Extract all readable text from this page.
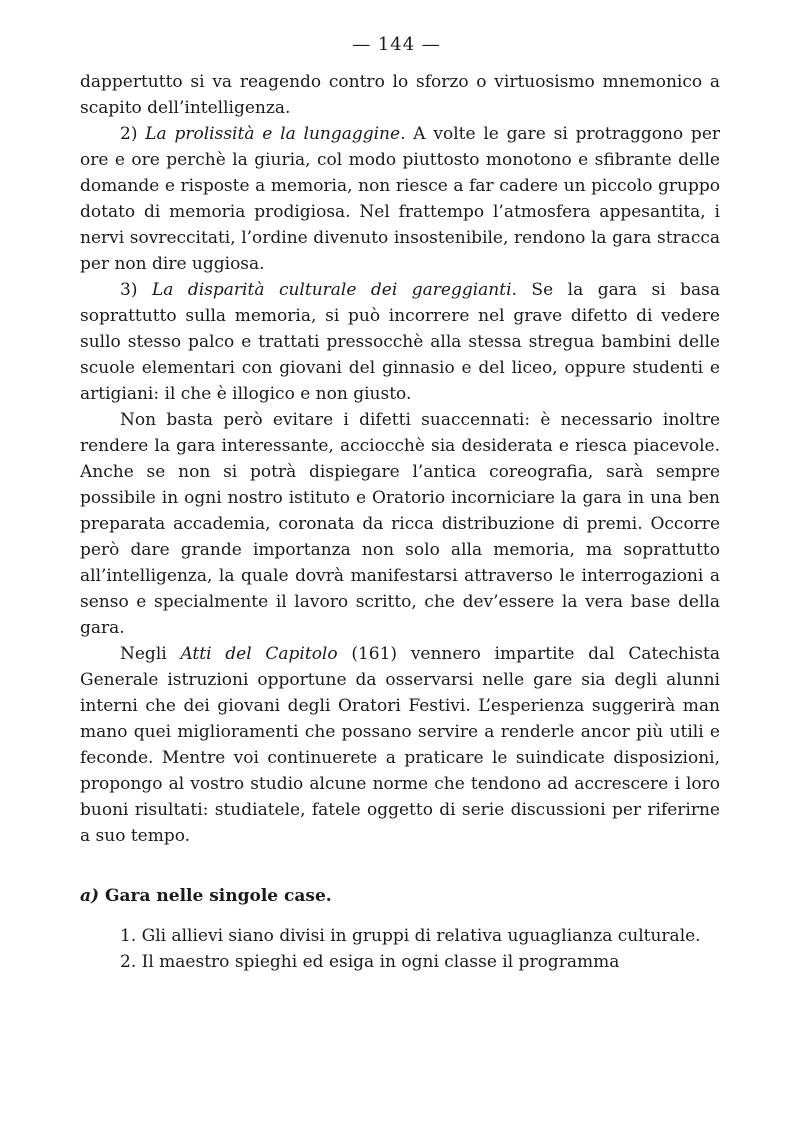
— 144 —

dappertutto si va reagendo contro lo sforzo o virtuosismo mnemonico a scapito dell’intelligenza.

2) La prolissità e la lungaggine. A volte le gare si protraggono per ore e ore perchè la giuria, col modo piuttosto monotono e sfibrante delle domande e risposte a memoria, non riesce a far cadere un piccolo gruppo dotato di memoria prodigiosa. Nel frattempo l’atmosfera appesantita, i nervi sovreccitati, l’ordine divenuto insostenibile, rendono la gara stracca per non dire uggiosa.

3) La disparità culturale dei gareggianti. Se la gara si basa soprattutto sulla memoria, si può incorrere nel grave difetto di vedere sullo stesso palco e trattati pressocchè alla stessa stregua bambini delle scuole elementari con giovani del ginnasio e del liceo, oppure studenti e artigiani: il che è illogico e non giusto.

Non basta però evitare i difetti suaccennati: è necessario inoltre rendere la gara interessante, acciocchè sia desiderata e riesca piacevole. Anche se non si potrà dispiegare l’antica coreografia, sarà sempre possibile in ogni nostro istituto e Oratorio incorniciare la gara in una ben preparata accademia, coronata da ricca distribuzione di premi. Occorre però dare grande importanza non solo alla memoria, ma soprattutto all’intelligenza, la quale dovrà manifestarsi attraverso le interrogazioni a senso e specialmente il lavoro scritto, che dev’essere la vera base della gara.

Negli Atti del Capitolo (161) vennero impartite dal Catechista Generale istruzioni opportune da osservarsi nelle gare sia degli alunni interni che dei giovani degli Oratori Festivi. L’esperienza suggerirà man mano quei miglioramenti che possano servire a renderle ancor più utili e feconde. Mentre voi continuerete a praticare le suindicate disposizioni, propongo al vostro studio alcune norme che tendono ad accrescere i loro buoni risultati: studiatele, fatele oggetto di serie discussioni per riferirne a suo tempo.

a) Gara nelle singole case.

1. Gli allievi siano divisi in gruppi di relativa uguaglianza culturale.

2. Il maestro spieghi ed esiga in ogni classe il programma
